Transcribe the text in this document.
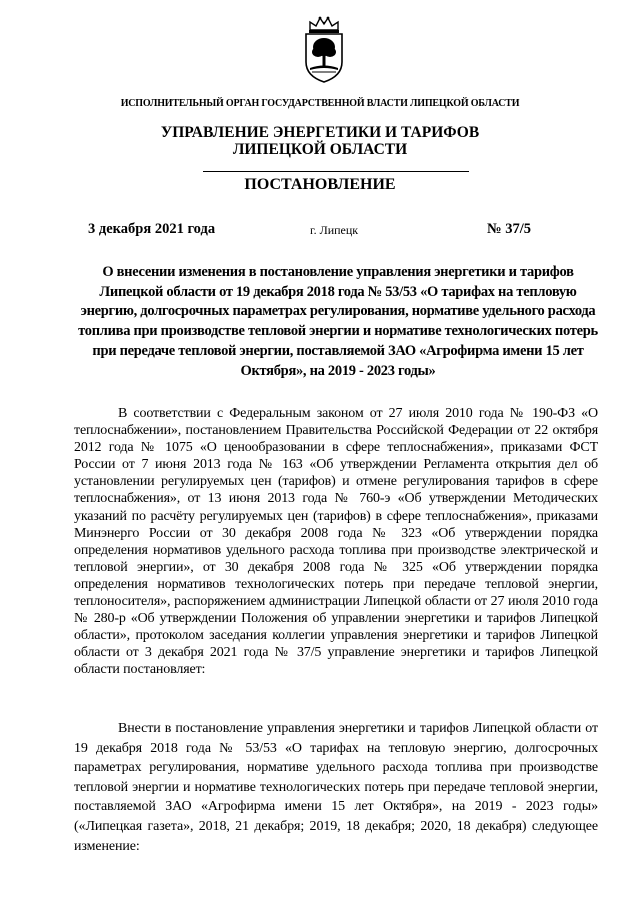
ИСПОЛНИТЕЛЬНЫЙ ОРГАН ГОСУДАРСТВЕННОЙ ВЛАСТИ ЛИПЕЦКОЙ ОБЛАСТИ
УПРАВЛЕНИЕ ЭНЕРГЕТИКИ И ТАРИФОВ
ЛИПЕЦКОЙ ОБЛАСТИ
ПОСТАНОВЛЕНИЕ
3 декабря 2021 года	г. Липецк	№ 37/5
О внесении изменения в постановление управления энергетики и тарифов Липецкой области от 19 декабря 2018 года № 53/53 «О тарифах на тепловую энергию, долгосрочных параметрах регулирования, нормативе удельного расхода топлива при производстве тепловой энергии и нормативе технологических потерь при передаче тепловой энергии, поставляемой ЗАО «Агрофирма имени 15 лет Октября», на 2019 - 2023 годы»
В соответствии с Федеральным законом от 27 июля 2010 года № 190-ФЗ «О теплоснабжении», постановлением Правительства Российской Федерации от 22 октября 2012 года № 1075 «О ценообразовании в сфере теплоснабжения», приказами ФСТ России от 7 июня 2013 года № 163 «Об утверждении Регламента открытия дел об установлении регулируемых цен (тарифов) и отмене регулирования тарифов в сфере теплоснабжения», от 13 июня 2013 года № 760-э «Об утверждении Методических указаний по расчёту регулируемых цен (тарифов) в сфере теплоснабжения», приказами Минэнерго России от 30 декабря 2008 года № 323 «Об утверждении порядка определения нормативов удельного расхода топлива при производстве электрической и тепловой энергии», от 30 декабря 2008 года № 325 «Об утверждении порядка определения нормативов технологических потерь при передаче тепловой энергии, теплоносителя», распоряжением администрации Липецкой области от 27 июля 2010 года № 280-р «Об утверждении Положения об управлении энергетики и тарифов Липецкой области», протоколом заседания коллегии управления энергетики и тарифов Липецкой области от 3 декабря 2021 года № 37/5 управление энергетики и тарифов Липецкой области постановляет:
Внести в постановление управления энергетики и тарифов Липецкой области от 19 декабря 2018 года № 53/53 «О тарифах на тепловую энергию, долгосрочных параметрах регулирования, нормативе удельного расхода топлива при производстве тепловой энергии и нормативе технологических потерь при передаче тепловой энергии, поставляемой ЗАО «Агрофирма имени 15 лет Октября», на 2019 - 2023 годы» («Липецкая газета», 2018, 21 декабря; 2019, 18 декабря; 2020, 18 декабря) следующее изменение:
